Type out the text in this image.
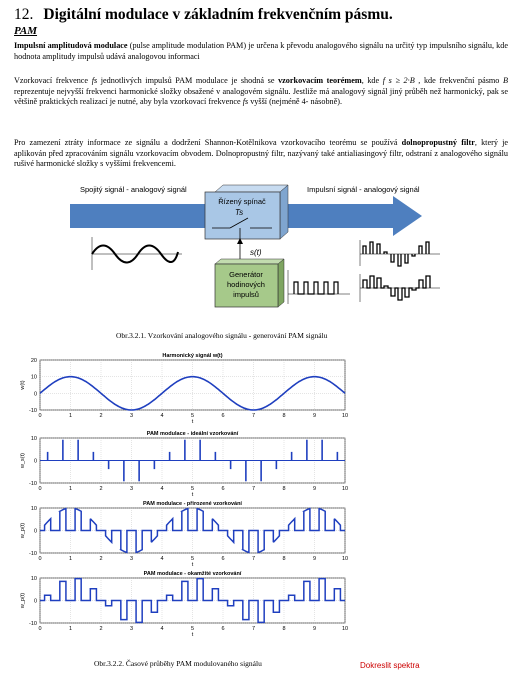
12. Digitální modulace v základním frekvenčním pásmu.
PAM
Impulsní amplitudová modulace (pulse amplitude modulation PAM) je určena k převodu analogového signálu na určitý typ impulsního signálu, kde hodnota amplitudy impulsů udává analogovou informaci
Vzorkovací frekvence fs jednotlivých impulsů PAM modulace je shodná se vzorkovacím teorémem, kde f s ≥ 2·B , kde frekvenční pásmo B reprezentuje nejvyšší frekvenci harmonické složky obsažené v analogovém signálu. Jestliže má analogový signál jiný průběh než harmonický, pak se většině praktických realizací je nutné, aby byla vzorkovací frekvence fs vyšší (nejméně 4- násobně).
Pro zamezení ztráty informace ze signálu a dodržení Shannon-Kotělnikova vzorkovacího teorému se používá dolnopropustný filtr, který je aplikován před zpracováním signálu vzorkovacím obvodem. Dolnopropustný filtr, nazývaný také antialiasingový filtr, odstraní z analogového signálu rušivé harmonické složky s vyššími frekvencemi.
Spojitý signál - analogový signál	Impulsní signál - analogový signál
Řízený spínač
Ts
s(t)
Generátor
hodinových
impulsů
Obr.3.2.1. Vzorkování analogového signálu - generování PAM signálu
0	1	2	3	4	5	6	7	8	9	10
-10
0
10
20
Harmonický signál w(t)
t
w(t)
0	1	2	3	4	5	6	7	8	9	10
-10
0
10
PAM modulace - ideální vzorkování
t
w_s(t)
0	1	2	3	4	5	6	7	8	9	10
-10
0
10
PAM modulace - přirozené vzorkování
t
w_p(t)
0	1	2	3	4	5	6	7	8	9	10
-10
0
10
PAM modulace - okamžité vzorkování
t
w_p(t)
Obr.3.2.2. Časové průběhy PAM modulovaného signálu	Dokreslit spektra
